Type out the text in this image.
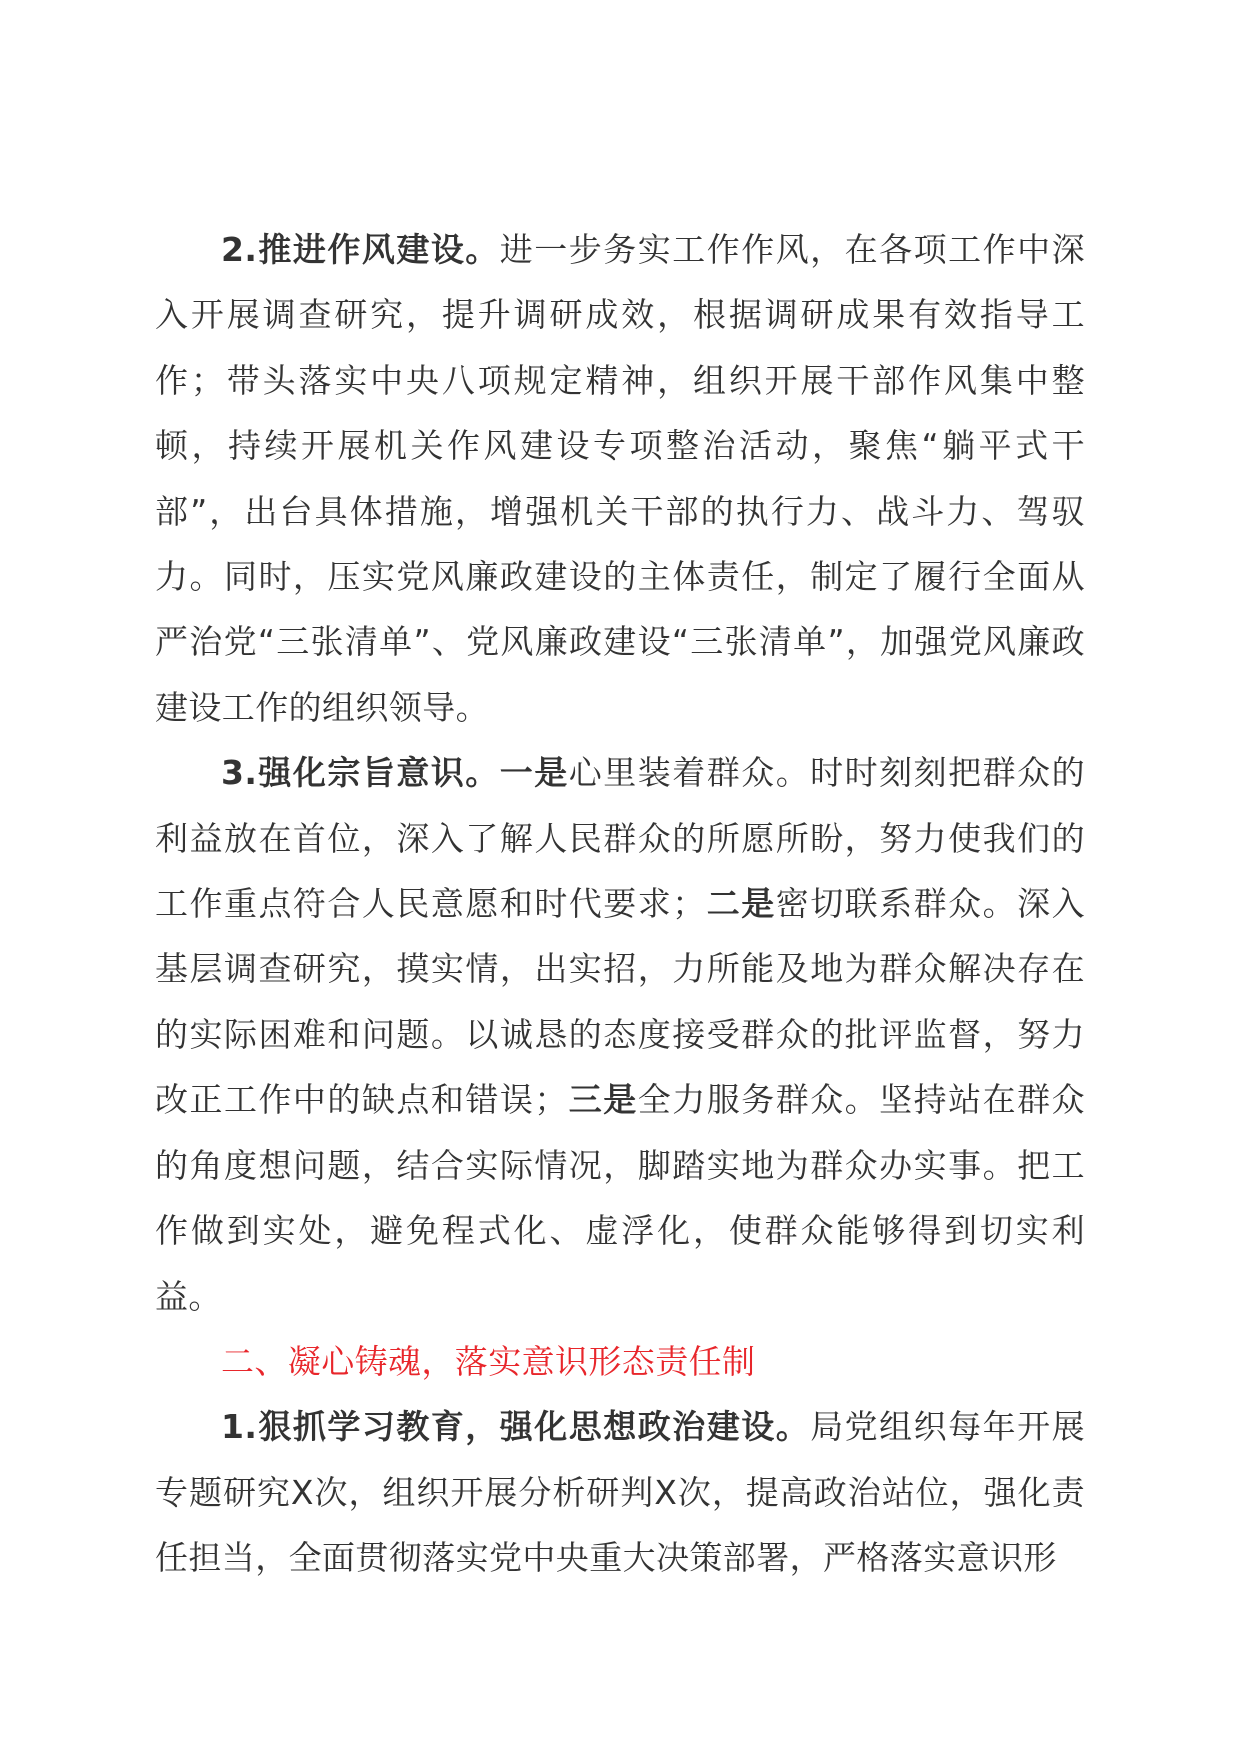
2.推进作风建设。进一步务实工作作风，在各项工作中深入开展调查研究，提升调研成效，根据调研成果有效指导工作；带头落实中央八项规定精神，组织开展干部作风集中整顿，持续开展机关作风建设专项整治活动，聚焦“躺平式干部”，出台具体措施，增强机关干部的执行力、战斗力、驾驭力。同时，压实党风廉政建设的主体责任，制定了履行全面从严治党“三张清单”、党风廉政建设“三张清单”，加强党风廉政建设工作的组织领导。

3.强化宗旨意识。一是心里装着群众。时时刻刻把群众的利益放在首位，深入了解人民群众的所愿所盼，努力使我们的工作重点符合人民意愿和时代要求；二是密切联系群众。深入基层调查研究，摸实情，出实招，力所能及地为群众解决存在的实际困难和问题。以诚恳的态度接受群众的批评监督，努力改正工作中的缺点和错误；三是全力服务群众。坚持站在群众的角度想问题，结合实际情况，脚踏实地为群众办实事。把工作做到实处，避免程式化、虚浮化，使群众能够得到切实利益。

二、凝心铸魂，落实意识形态责任制

1.狠抓学习教育，强化思想政治建设。局党组织每年开展专题研究X次，组织开展分析研判X次，提高政治站位，强化责任担当，全面贯彻落实党中央重大决策部署，严格落实意识形
